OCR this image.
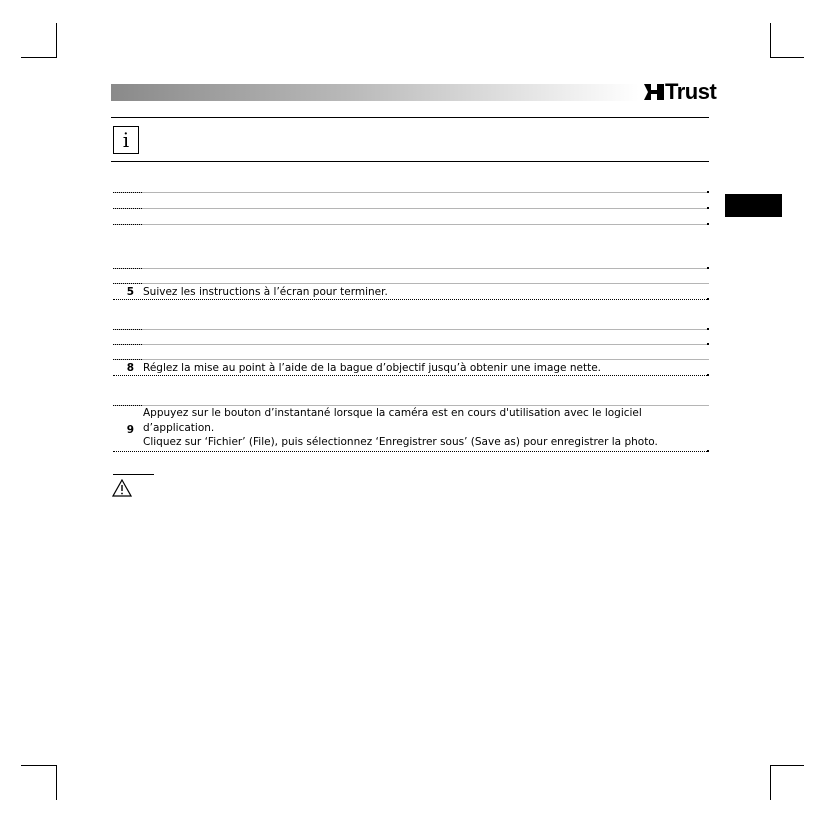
Trust
i
5 Suivez les instructions à l’écran pour terminer.
8 Réglez la mise au point à l’aide de la bague d’objectif jusqu’à obtenir une image nette.
9
Appuyez sur le bouton d’instantané lorsque la caméra est en cours d'utilisation avec le logiciel
d’application.
Cliquez sur ‘Fichier’ (File), puis sélectionnez ‘Enregistrer sous’ (Save as) pour enregistrer la photo.
